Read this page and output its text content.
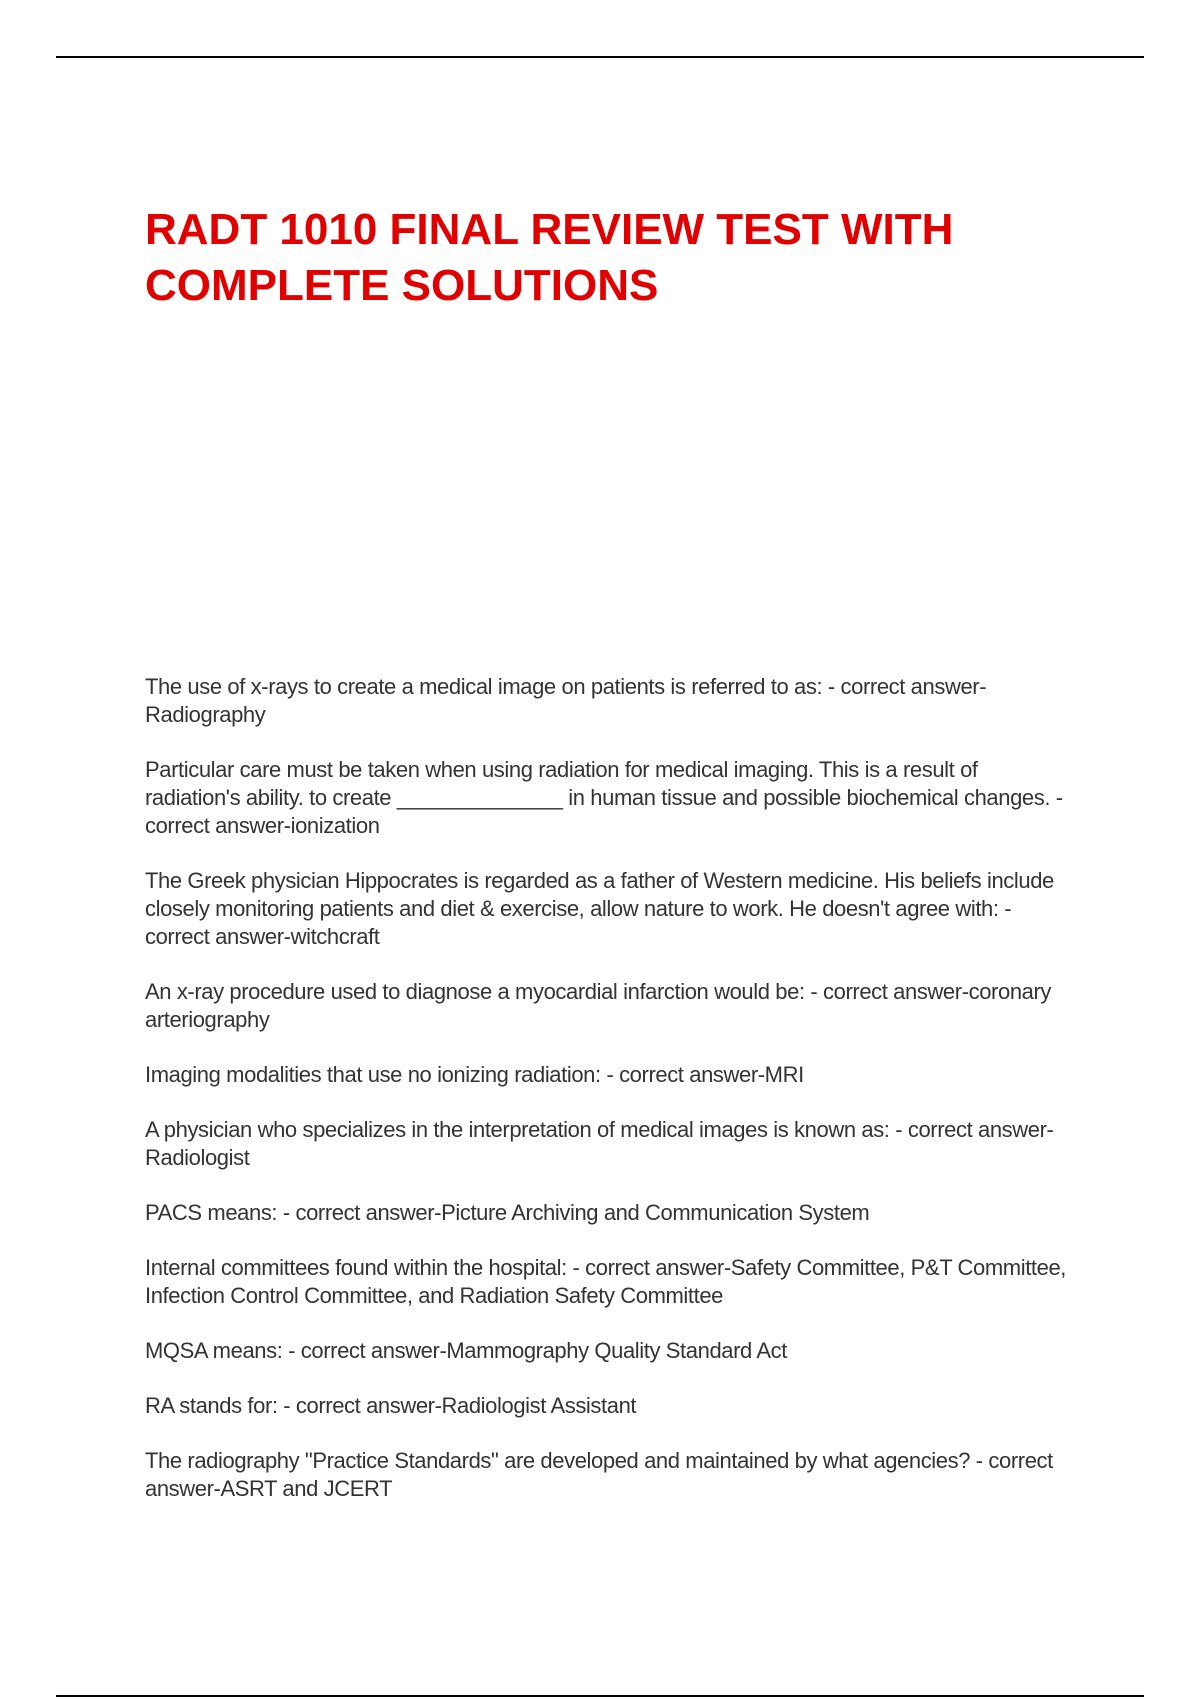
RADT 1010 FINAL REVIEW TEST WITH COMPLETE SOLUTIONS
The use of x-rays to create a medical image on patients is referred to as: - correct answer-Radiography
Particular care must be taken when using radiation for medical imaging. This is a result of radiation's ability. to create ______________ in human tissue and possible biochemical changes. - correct answer-ionization
The Greek physician Hippocrates is regarded as a father of Western medicine. His beliefs include closely monitoring patients and diet & exercise, allow nature to work. He doesn't agree with: - correct answer-witchcraft
An x-ray procedure used to diagnose a myocardial infarction would be: - correct answer-coronary arteriography
Imaging modalities that use no ionizing radiation: - correct answer-MRI
A physician who specializes in the interpretation of medical images is known as: - correct answer-Radiologist
PACS means: - correct answer-Picture Archiving and Communication System
Internal committees found within the hospital: - correct answer-Safety Committee, P&T Committee, Infection Control Committee, and Radiation Safety Committee
MQSA means: - correct answer-Mammography Quality Standard Act
RA stands for: - correct answer-Radiologist Assistant
The radiography "Practice Standards" are developed and maintained by what agencies? - correct answer-ASRT and JCERT
